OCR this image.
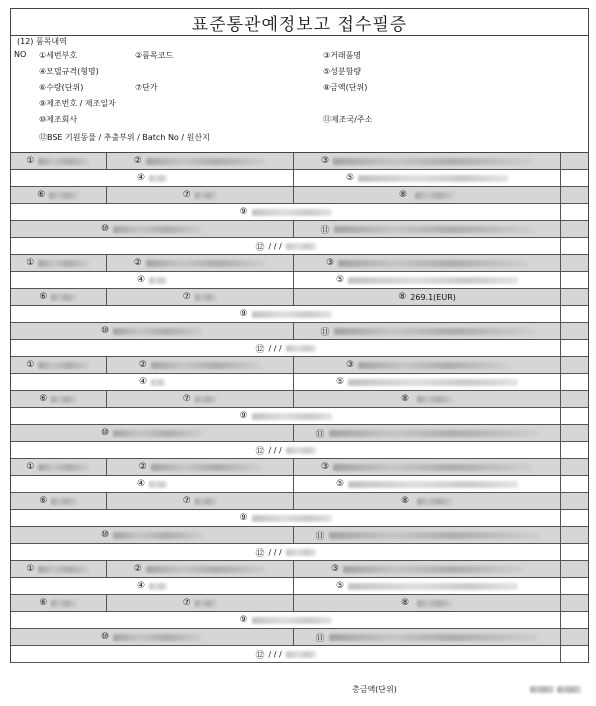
표준통관예정보고 접수필증
(12) 품목내역
NO ①세번부호	②품목코드	③거래품명
④모델규격(형명)	⑤성분함량
⑥수량(단위)	⑦단가	⑧금액(단위)
⑨제조번호 / 제조일자
⑩제조회사	⑪제조국/주소
⑫BSE 기원동물 / 추출부위 / Batch No / 원산지
①	②	③
④	⑤
⑥	⑦	⑧
⑨
⑩	⑪
⑫ / / /
①	②	③
④	⑤
⑥	⑦	⑧ 269.1(EUR)
⑨
⑩	⑪
⑫ / / /
①	②	③
④	⑤
⑥	⑦	⑧
⑨
⑩	⑪
⑫ / / /
①	②	③
④	⑤
⑥	⑦	⑧
⑨
⑩	⑪
⑫ / / /
①	②	③
④	⑤
⑥	⑦	⑧
⑨
⑩	⑪
⑫ / / /
총금액(단위)
